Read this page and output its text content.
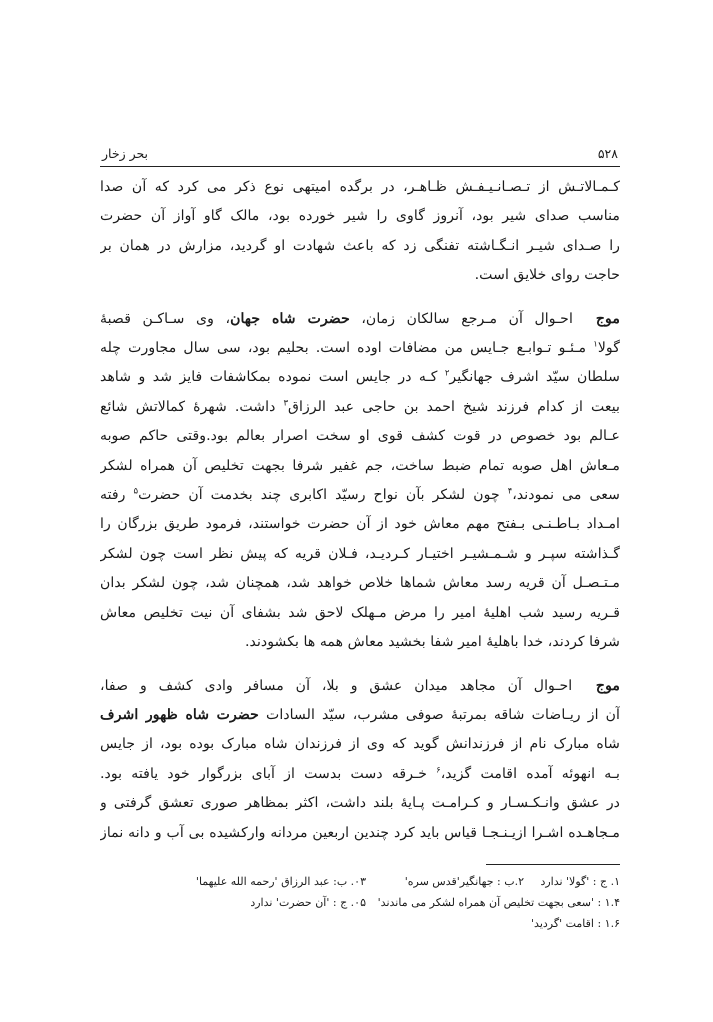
۵۲۸
بحر زخار
کـمـالاتـش از تـصـانـیـفـش ظـاهـر، در برگده امیتهی نوع ذکر می کرد که آن صدا
مناسب صدای شیر بود، آنروز گاوی را شیر خورده بود، مالک گاو آواز آن حضرت
را صـدای شیـر انـگـاشته تفنگی زد که باعث شهادت او گردید، مزارش در همان بر
حاجت روای خلایق است.
موج  احـوال آن مـرجع سالکان زمان، حضرت شاه جهان، وی سـاکـن قصبهٔ
گولا$^۱$ مـئـو تـوابـع جـایس من مضافات اوده است. بحلیم بود، سی سال مجاورت چله
سلطان سیّد اشرف جهانگیر$^۲$ کـه در جایس است نموده بمکاشفات فایز شد و شاهد
بیعت از کدام فرزند شیخ احمد بن حاجی عبد الرزاق$^۳$ داشت. شهرهٔ کمالاتش شائع
عـالم بود خصوص در قوت کشف قوی او سخت اصرار بعالم بود.وقتی حاکم صوبه
مـعاش اهل صوبه تمام ضبط ساخت، جم غفیر شرفا بجهت تخلیص آن همراه لشکر
سعی می نمودند،$^۴$ چون لشکر بآن نواح رسیّد اکابری چند بخدمت آن حضرت$^۵$ رفته
امـداد بـاطـنـی بـفتح مهم معاش خود از آن حضرت خواستند، فرمود طریق بزرگان را
گـذاشته سپـر و شـمـشیـر اختیـار کـردیـد، فـلان قریه که پیش نظر است چون لشکر
مـتـصـل آن قریه رسد معاش شماها خلاص خواهد شد، همچنان شد، چون لشکر بدان
قـریه رسید شب اهلیهٔ امیر را مرض مـهلک لاحق شد بشفای آن نیت تخلیص معاش
شرفا کردند، خدا باهلیهٔ امیر شفا بخشید معاش همه ها بکشودند.
موج  احـوال آن مجاهد میدان عشق و بلا، آن مسافر وادی کشف و صفا،
آن از ریـاضات شاقه بمرتبهٔ صوفی مشرب، سیّد السادات حضرت شاه ظهور اشرف
شاه مبارک نام از فرزندانش گوید که وی از فرزندان شاه مبارک بوده بود، از جایس
بـه انهوئه آمده اقامت گزید،$^۶$ خـرقه دست بدست از آبای بزرگوار خود یافته بود.
در عشق وانـکـسـار و کـرامـت پـایهٔ بلند داشت، اکثر بمظاهر صوری تعشق گرفتی و
مـجاهـده اشـرا ازیـنـجـا قیاس باید کرد چندین اربعین مردانه وارکشیده بی آب و دانه نماز
۱. ج : 'گولا' ندارد
۲.ب : جهانگیر'قدس سره'
۰۳. ب: عبد الرزاق 'رحمه الله علیهما'
۱.۴ : 'سعی بجهت تخلیص آن همراه لشکر می ماندند'
۰۵. ج : 'آن حضرت' ندارد
۱.۶ : اقامت 'گردید'
